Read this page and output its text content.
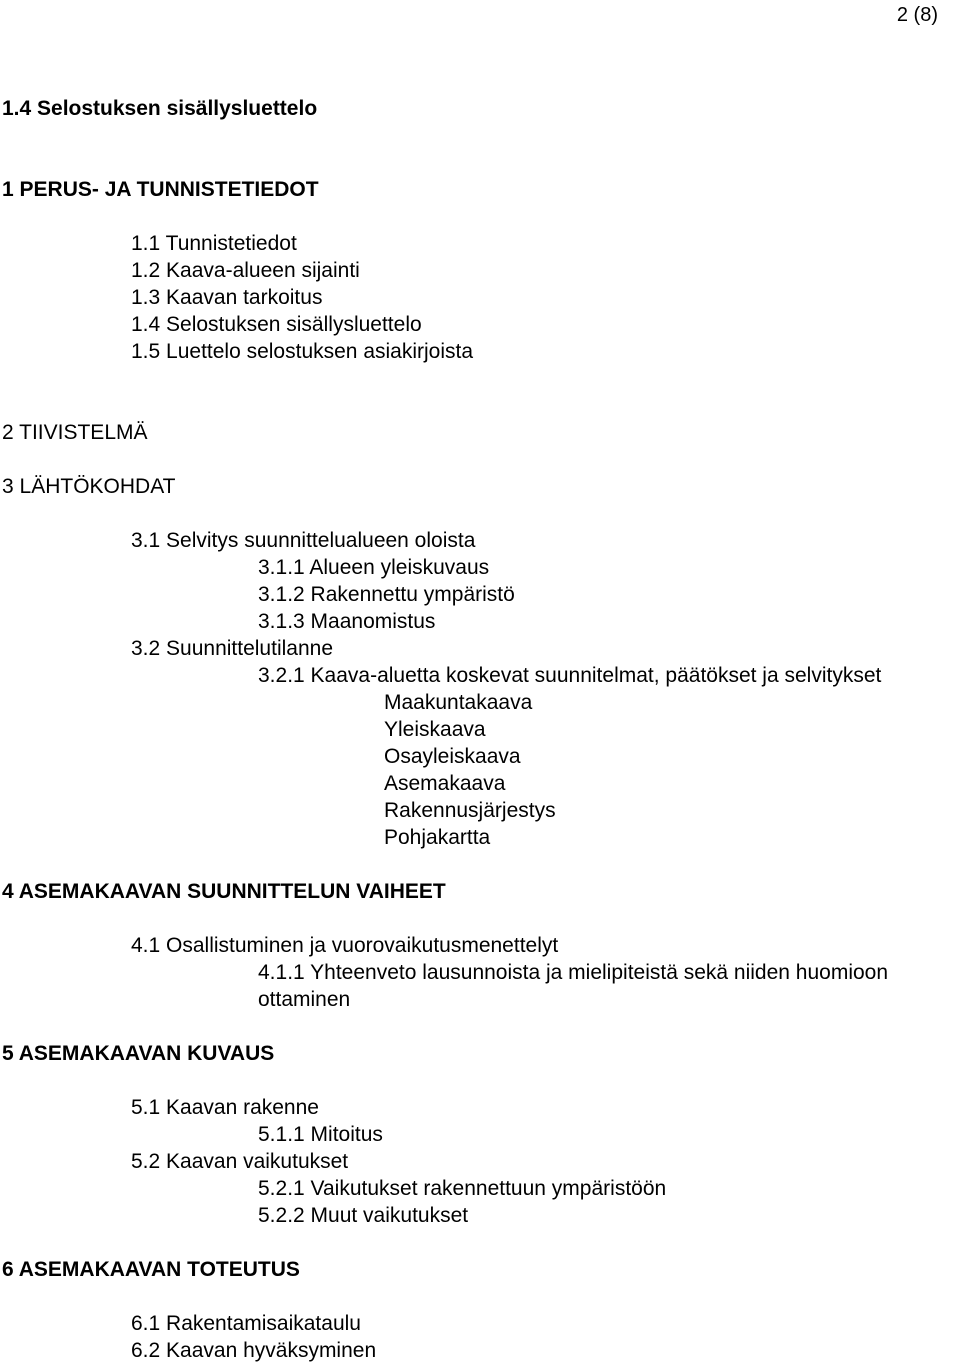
2 (8)
1.4 Selostuksen sisällysluettelo
1 PERUS- JA TUNNISTETIEDOT
1.1 Tunnistetiedot
1.2 Kaava-alueen sijainti
1.3 Kaavan tarkoitus
1.4 Selostuksen sisällysluettelo
1.5 Luettelo selostuksen asiakirjoista
2 TIIVISTELMÄ
3 LÄHTÖKOHDAT
3.1 Selvitys suunnittelualueen oloista
3.1.1 Alueen yleiskuvaus
3.1.2 Rakennettu ympäristö
3.1.3 Maanomistus
3.2 Suunnittelutilanne
3.2.1 Kaava-aluetta koskevat suunnitelmat, päätökset ja selvitykset
Maakuntakaava
Yleiskaava
Osayleiskaava
Asemakaava
Rakennusjärjestys
Pohjakartta
4 ASEMAKAAVAN SUUNNITTELUN VAIHEET
4.1 Osallistuminen ja vuorovaikutusmenettelyt
4.1.1 Yhteenveto lausunnoista ja mielipiteistä sekä niiden huomioon
ottaminen
5 ASEMAKAAVAN KUVAUS
5.1 Kaavan rakenne
5.1.1 Mitoitus
5.2 Kaavan vaikutukset
5.2.1 Vaikutukset rakennettuun ympäristöön
5.2.2 Muut vaikutukset
6 ASEMAKAAVAN TOTEUTUS
6.1 Rakentamisaikataulu
6.2 Kaavan hyväksyminen
